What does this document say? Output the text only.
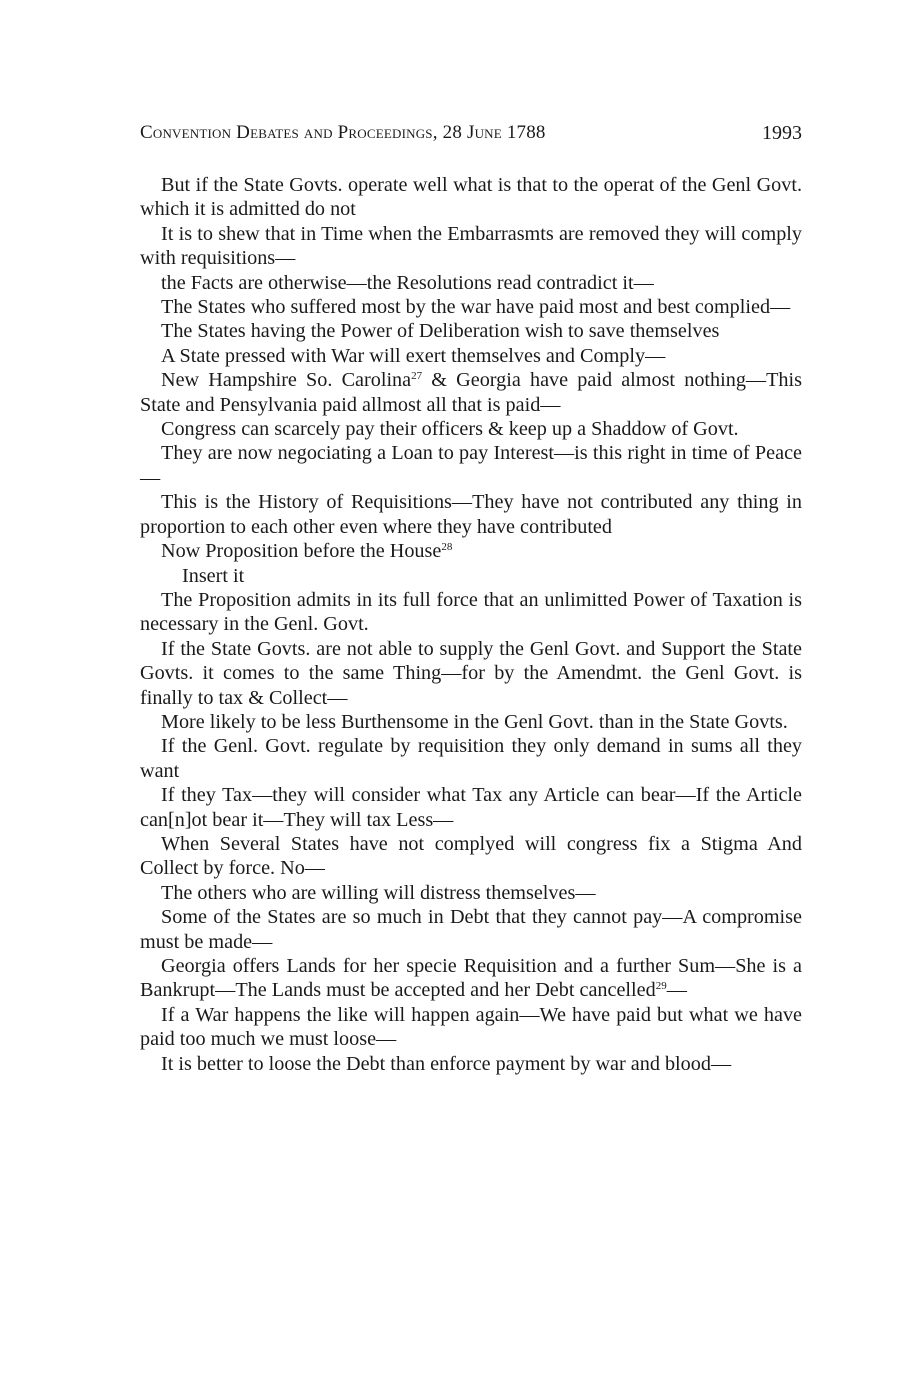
Convention Debates and Proceedings, 28 June 1788	1993

But if the State Govts. operate well what is that to the operat of the Genl Govt. which it is admitted do not

It is to shew that in Time when the Embarrasmts are removed they will comply with requisitions—

the Facts are otherwise—the Resolutions read contradict it—

The States who suffered most by the war have paid most and best complied—

The States having the Power of Deliberation wish to save themselves

A State pressed with War will exert themselves and Comply—

New Hampshire So. Carolina$^{27}$ & Georgia have paid almost nothing—This State and Pensylvania paid allmost all that is paid—

Congress can scarcely pay their officers & keep up a Shaddow of Govt.

They are now negociating a Loan to pay Interest—is this right in time of Peace—

This is the History of Requisitions—They have not contributed any thing in proportion to each other even where they have contributed

Now Proposition before the House$^{28}$

Insert it

The Proposition admits in its full force that an unlimitted Power of Taxation is necessary in the Genl. Govt.

If the State Govts. are not able to supply the Genl Govt. and Support the State Govts. it comes to the same Thing—for by the Amendmt. the Genl Govt. is finally to tax & Collect—

More likely to be less Burthensome in the Genl Govt. than in the State Govts.

If the Genl. Govt. regulate by requisition they only demand in sums all they want

If they Tax—they will consider what Tax any Article can bear—If the Article can[n]ot bear it—They will tax Less—

When Several States have not complyed will congress fix a Stigma And Collect by force. No—

The others who are willing will distress themselves—

Some of the States are so much in Debt that they cannot pay—A compromise must be made—

Georgia offers Lands for her specie Requisition and a further Sum—She is a Bankrupt—The Lands must be accepted and her Debt cancelled$^{29}$—

If a War happens the like will happen again—We have paid but what we have paid too much we must loose—

It is better to loose the Debt than enforce payment by war and blood—
